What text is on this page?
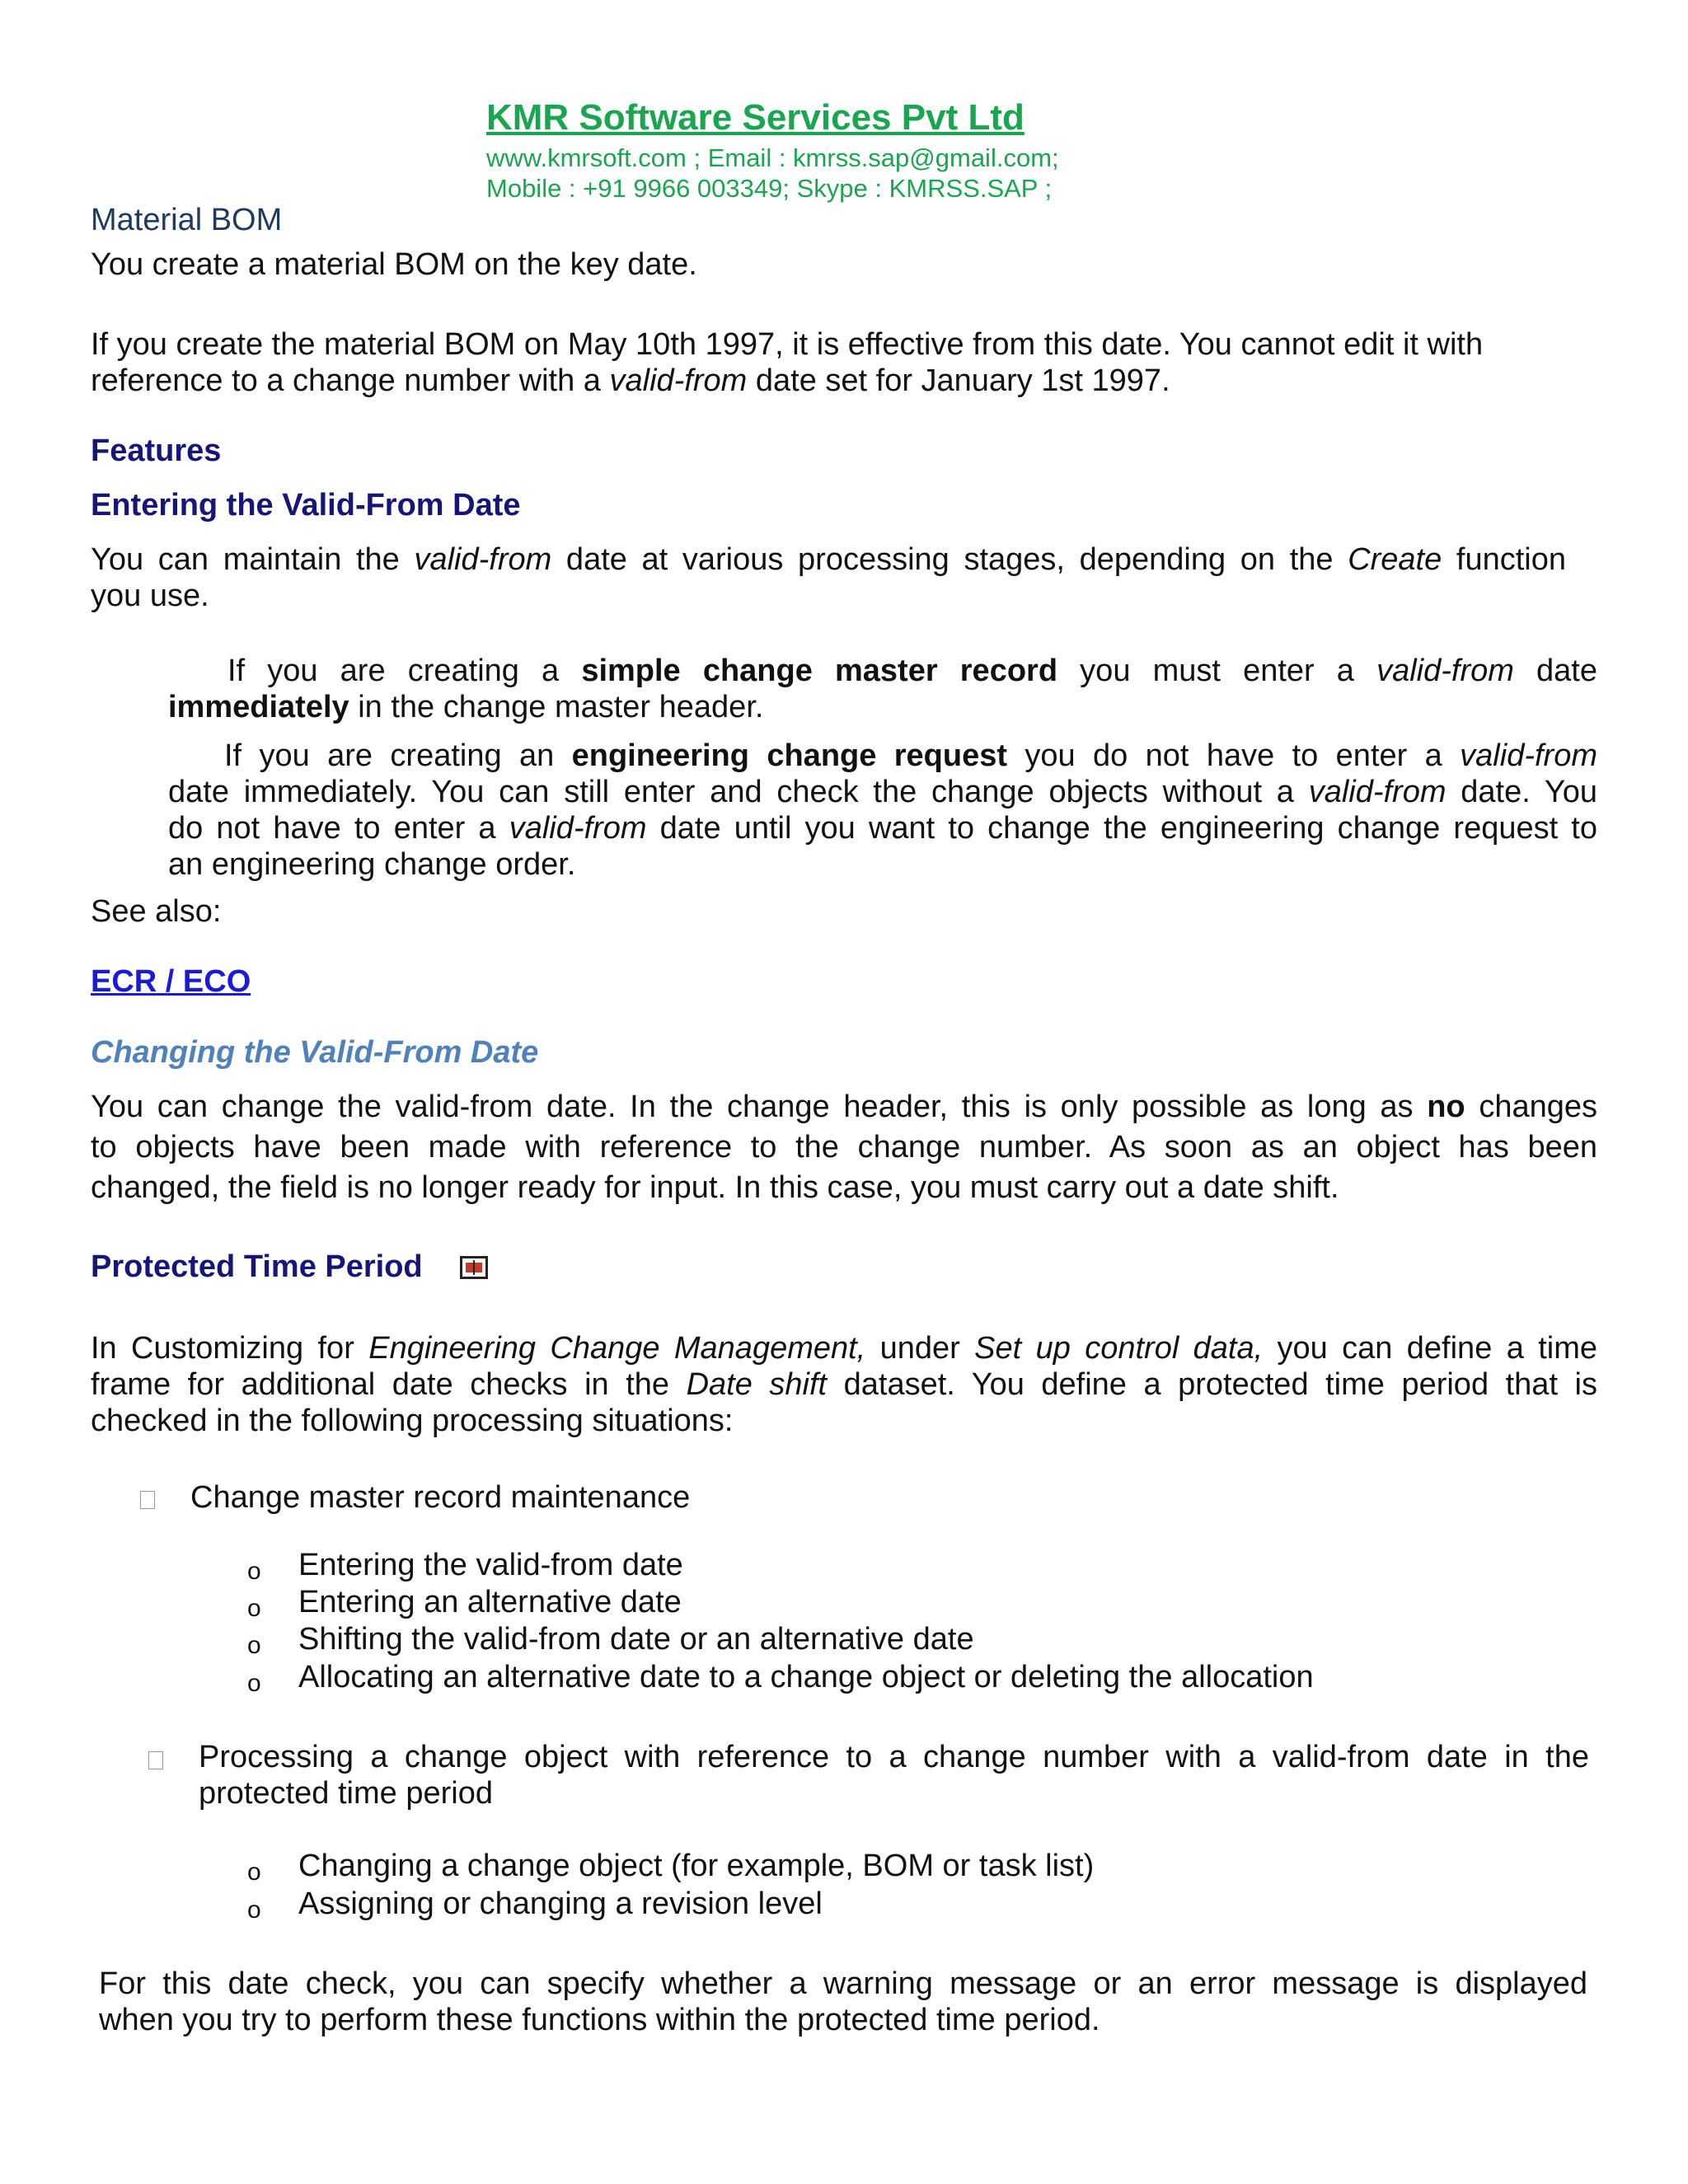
KMR Software Services Pvt Ltd
www.kmrsoft.com ; Email : kmrss.sap@gmail.com;
Mobile : +91 9966 003349; Skype : KMRSS.SAP ;
Material BOM
You create a material BOM on the key date.
If you create the material BOM on May 10th 1997, it is effective from this date. You cannot edit it with
reference to a change number with a valid-from date set for January 1st 1997.
Features
Entering the Valid-From Date
You can maintain the valid-from date at various processing stages, depending on the Create function
you use.
If you are creating a simple change master record you must enter a valid-from date
immediately in the change master header.
If you are creating an engineering change request you do not have to enter a valid-from
date immediately. You can still enter and check the change objects without a valid-from date. You
do not have to enter a valid-from date until you want to change the engineering change request to
an engineering change order.
See also:
ECR / ECO
Changing the Valid-From Date
You can change the valid-from date. In the change header, this is only possible as long as no changes
to objects have been made with reference to the change number. As soon as an object has been
changed, the field is no longer ready for input. In this case, you must carry out a date shift.
Protected Time Period
In Customizing for Engineering Change Management, under Set up control data, you can define a time
frame for additional date checks in the Date shift dataset. You define a protected time period that is
checked in the following processing situations:
Change master record maintenance
o Entering the valid-from date
o Entering an alternative date
o Shifting the valid-from date or an alternative date
o Allocating an alternative date to a change object or deleting the allocation
Processing a change object with reference to a change number with a valid-from date in the
protected time period
o Changing a change object (for example, BOM or task list)
o Assigning or changing a revision level
For this date check, you can specify whether a warning message or an error message is displayed
when you try to perform these functions within the protected time period.
